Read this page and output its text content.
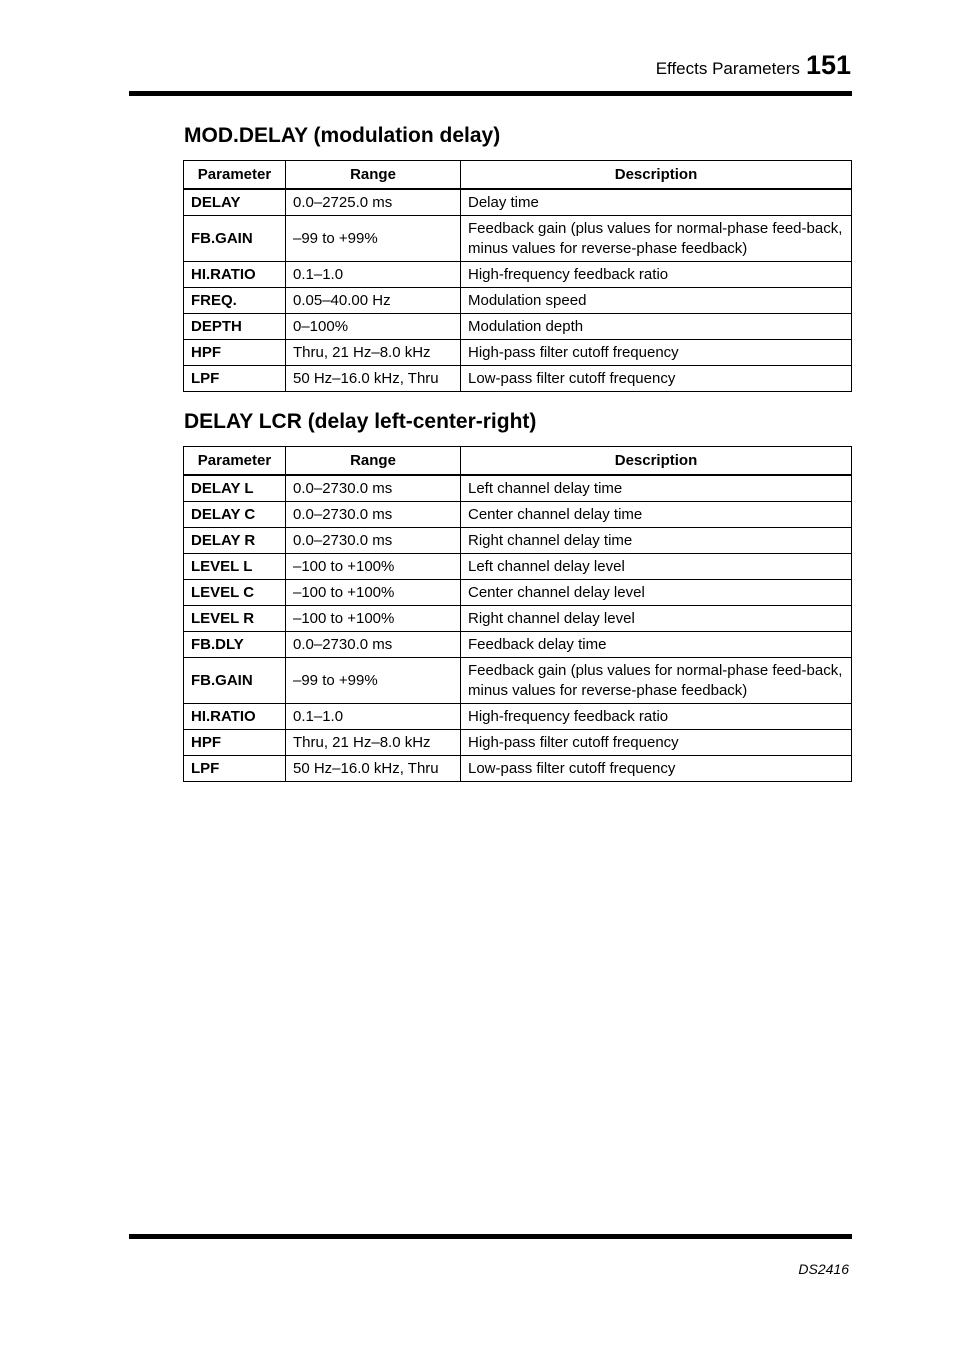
Effects Parameters 151
MOD.DELAY (modulation delay)
Parameter	Range	Description
DELAY	0.0–2725.0 ms	Delay time
FB.GAIN	–99 to +99%	Feedback gain (plus values for normal-phase feed-back, minus values for reverse-phase feedback)
HI.RATIO	0.1–1.0	High-frequency feedback ratio
FREQ.	0.05–40.00 Hz	Modulation speed
DEPTH	0–100%	Modulation depth
HPF	Thru, 21 Hz–8.0 kHz	High-pass filter cutoff frequency
LPF	50 Hz–16.0 kHz, Thru	Low-pass filter cutoff frequency
DELAY LCR (delay left-center-right)
Parameter	Range	Description
DELAY L	0.0–2730.0 ms	Left channel delay time
DELAY C	0.0–2730.0 ms	Center channel delay time
DELAY R	0.0–2730.0 ms	Right channel delay time
LEVEL L	–100 to +100%	Left channel delay level
LEVEL C	–100 to +100%	Center channel delay level
LEVEL R	–100 to +100%	Right channel delay level
FB.DLY	0.0–2730.0 ms	Feedback delay time
FB.GAIN	–99 to +99%	Feedback gain (plus values for normal-phase feed-back, minus values for reverse-phase feedback)
HI.RATIO	0.1–1.0	High-frequency feedback ratio
HPF	Thru, 21 Hz–8.0 kHz	High-pass filter cutoff frequency
LPF	50 Hz–16.0 kHz, Thru	Low-pass filter cutoff frequency
DS2416
